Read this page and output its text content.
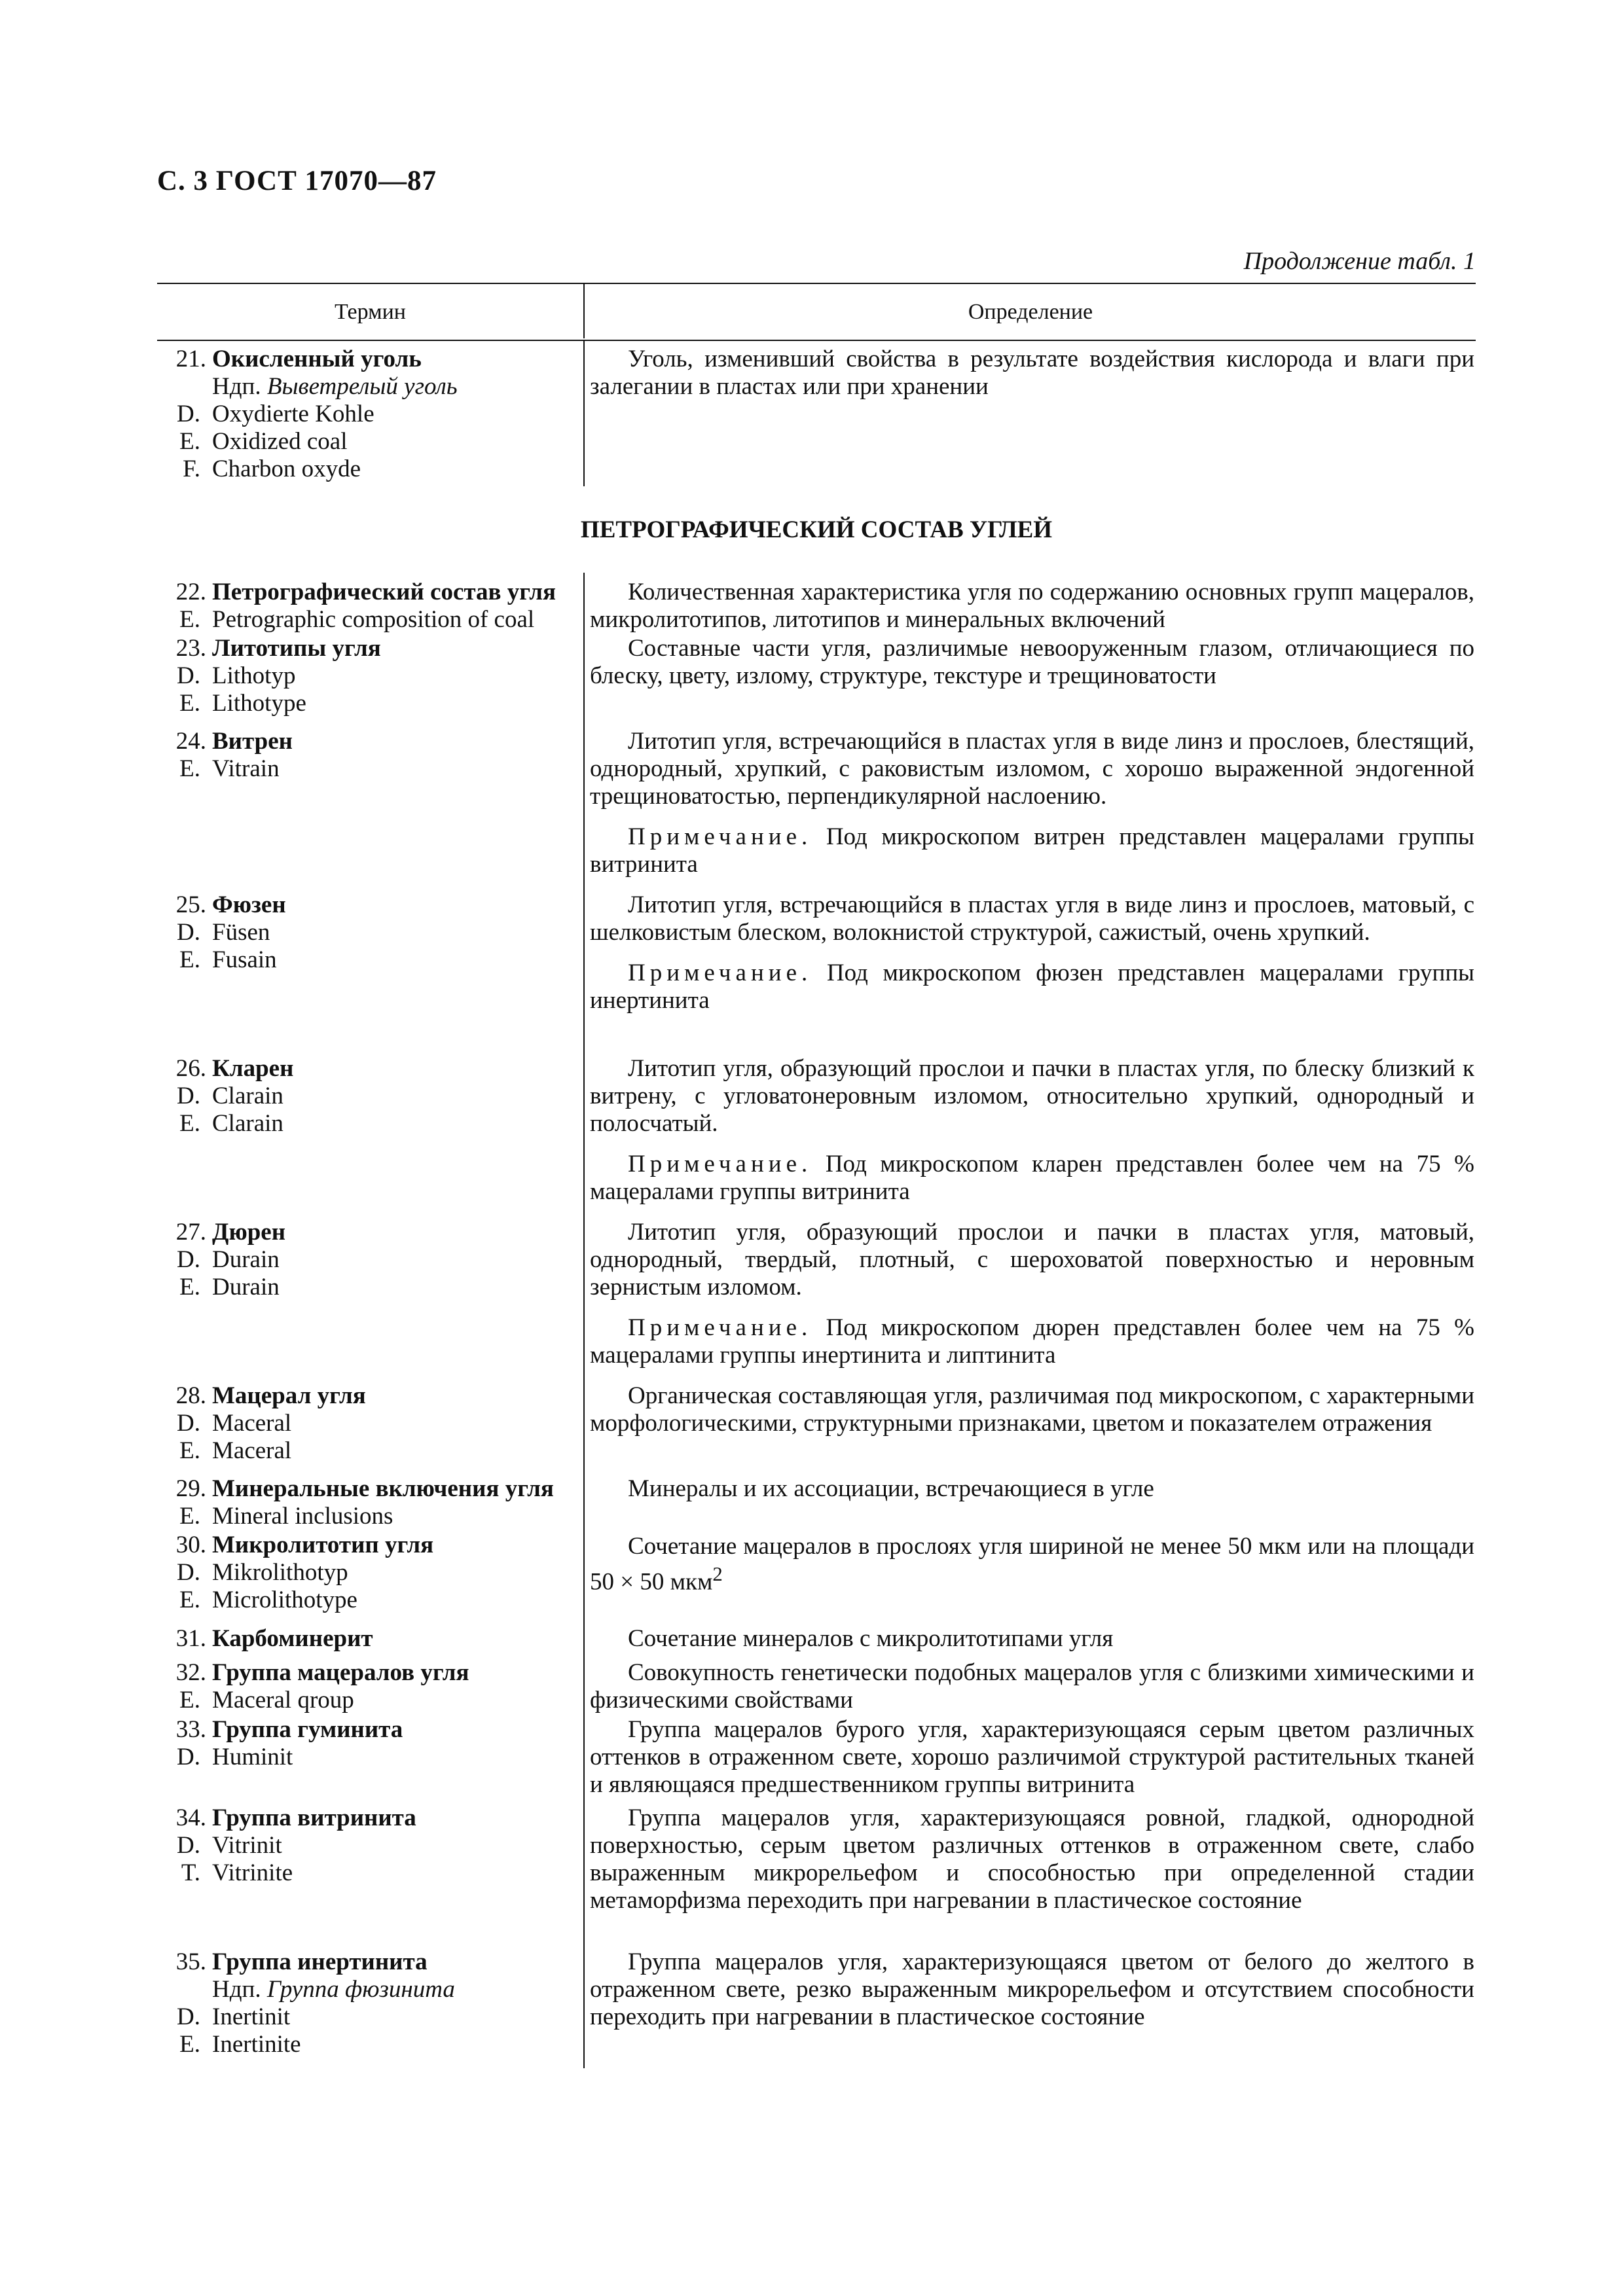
С. 3 ГОСТ 17070—87
Продолжение табл. 1
Термин	Определение
ПЕТРОГРАФИЧЕСКИЙ СОСТАВ УГЛЕЙ
21. Окисленный уголь
Ндп. Выветрелый уголь
D. Oxydierte Kohle
E. Oxidized coal
F. Charbon oxyde

Уголь, изменивший свойства в результате воздействия кислорода и влаги при залегании в пластах или при хранении

22. Петрографический состав угля
E. Petrographic composition of coal

Количественная характеристика угля по содержанию основных групп мацералов, микролитотипов, литотипов и минеральных включений

23. Литотипы угля
D. Lithotyp
E. Lithotype

Составные части угля, различимые невооруженным глазом, отличающиеся по блеску, цвету, излому, структуре, текстуре и трещиноватости

24. Витрен
E. Vitrain

Литотип угля, встречающийся в пластах угля в виде линз и прослоев, блестящий, однородный, хрупкий, с раковистым изломом, с хорошо выраженной эндогенной трещиноватостью, перпендикулярной наслоению.

Примечание. Под микроскопом витрен представлен мацералами группы витринита

25. Фюзен
D. Füsen
E. Fusain

Литотип угля, встречающийся в пластах угля в виде линз и прослоев, матовый, с шелковистым блеском, волокнистой структурой, сажистый, очень хрупкий.

Примечание. Под микроскопом фюзен представлен мацералами группы инертинита

26. Кларен
D. Clarain
E. Clarain

Литотип угля, образующий прослои и пачки в пластах угля, по блеску близкий к витрену, с угловатонеровным изломом, относительно хрупкий, однородный и полосчатый.

Примечание. Под микроскопом кларен представлен более чем на 75 % мацералами группы витринита

27. Дюрен
D. Durain
E. Durain

Литотип угля, образующий прослои и пачки в пластах угля, матовый, однородный, твердый, плотный, с шероховатой поверхностью и неровным зернистым изломом.

Примечание. Под микроскопом дюрен представлен более чем на 75 % мацералами группы инертинита и липтинита

28. Мацерал угля
D. Maceral
E. Maceral

Органическая составляющая угля, различимая под микроскопом, с характерными морфологическими, структурными признаками, цветом и показателем отражения

29. Минеральные включения угля
E. Mineral inclusions

Минералы и их ассоциации, встречающиеся в угле

30. Микролитотип угля
D. Mikrolithotyp
E. Microlithotype

Сочетание мацералов в прослоях угля шириной не менее 50 мкм или на площади 50 × 50 мкм$^2$

31. Карбоминерит	Сочетание минералов с микролитотипами угля

32. Группа мацералов угля
E. Maceral qroup

Совокупность генетически подобных мацералов угля с близкими химическими и физическими свойствами

33. Группа гуминита
D. Huminit

Группа мацералов бурого угля, характеризующаяся серым цветом различных оттенков в отраженном свете, хорошо различимой структурой растительных тканей и являющаяся предшественником группы витринита

34. Группа витринита
D. Vitrinit
T. Vitrinite

Группа мацералов угля, характеризующаяся ровной, гладкой, однородной поверхностью, серым цветом различных оттенков в отраженном свете, слабо выраженным микрорельефом и способностью при определенной стадии метаморфизма переходить при нагревании в пластическое состояние

35. Группа инертинита
Ндп. Группа фюзинита
D. Inertinit
E. Inertinite

Группа мацералов угля, характеризующаяся цветом от белого до желтого в отраженном свете, резко выраженным микрорельефом и отсутствием способности переходить при нагревании в пластическое состояние
